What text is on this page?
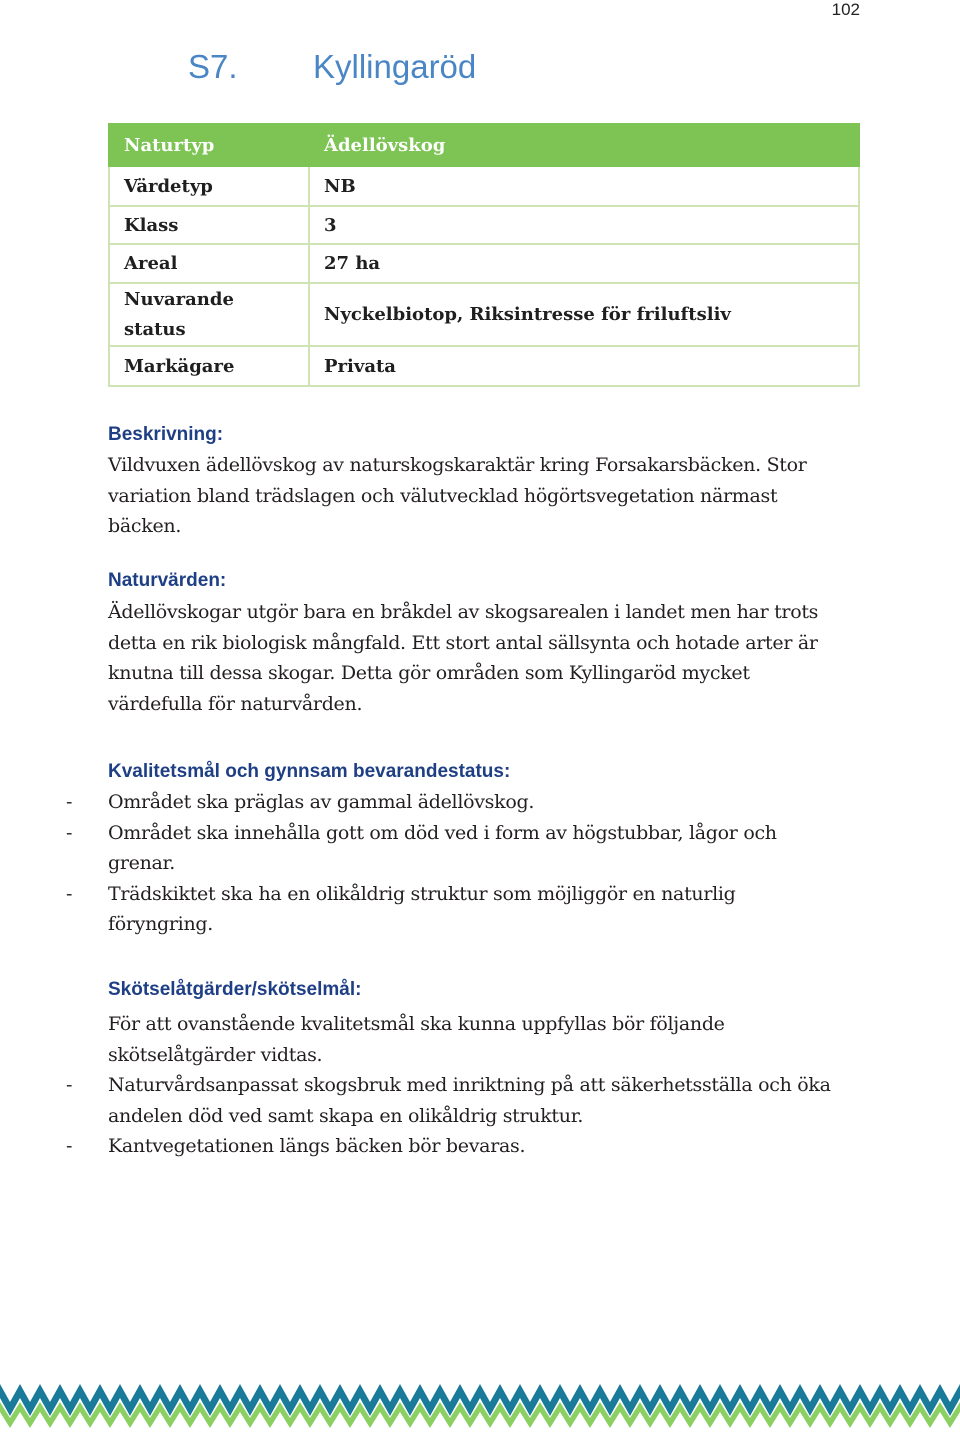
102
S7. Kyllingaröd
Naturtyp	Ädellövskog
Värdetyp	NB
Klass	3
Areal	27 ha
Nuvarande
status	Nyckelbiotop, Riksintresse för friluftsliv
Markägare	Privata
Beskrivning:
Vildvuxen ädellövskog av naturskogskaraktär kring Forsakarsbäcken. Stor
variation bland trädslagen och välutvecklad högörtsvegetation närmast
bäcken.
Naturvärden:
Ädellövskogar utgör bara en bråkdel av skogsarealen i landet men har trots
detta en rik biologisk mångfald. Ett stort antal sällsynta och hotade arter är
knutna till dessa skogar. Detta gör områden som Kyllingaröd mycket
värdefulla för naturvården.
Kvalitetsmål och gynnsam bevarandestatus:
- Området ska präglas av gammal ädellövskog.
- Området ska innehålla gott om död ved i form av högstubbar, lågor och
grenar.
- Trädskiktet ska ha en olikåldrig struktur som möjliggör en naturlig
föryngring.
Skötselåtgärder/skötselmål:
För att ovanstående kvalitetsmål ska kunna uppfyllas bör följande
skötselåtgärder vidtas.
- Naturvårdsanpassat skogsbruk med inriktning på att säkerhetsställa och öka
andelen död ved samt skapa en olikåldrig struktur.
- Kantvegetationen längs bäcken bör bevaras.
